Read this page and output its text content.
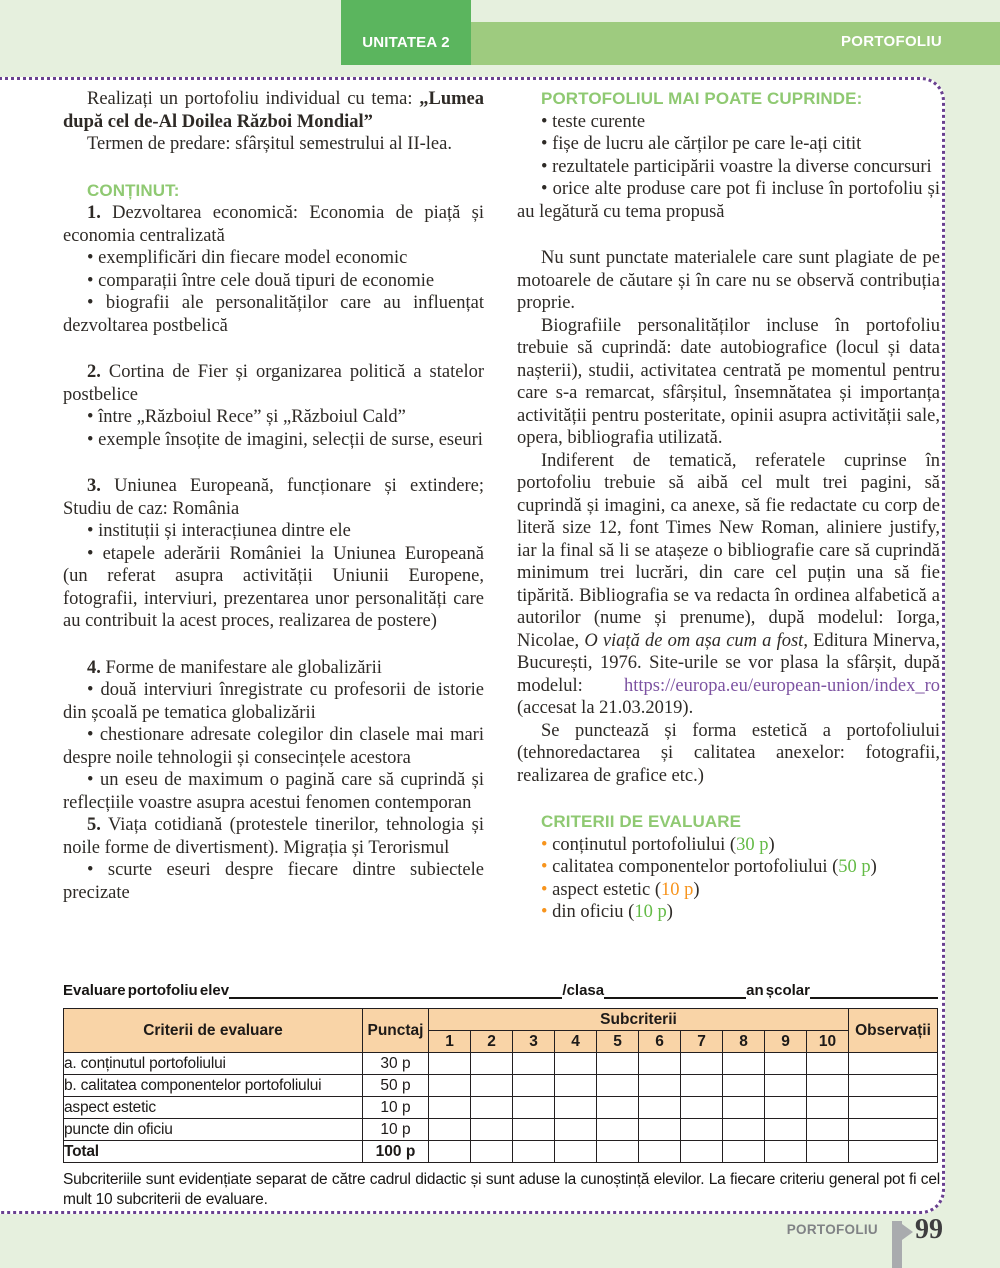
PORTOFOLIU
UNITATEA 2

Realizați un portofoliu individual cu tema: „Lumea după cel de-Al Doilea Război Mondial”

Termen de predare: sfârșitul semestrului al II-lea.

CONȚINUT:

1. Dezvoltarea economică: Economia de piață și economia centralizată

• exemplificări din fiecare model economic

• comparații între cele două tipuri de economie

• biografii ale personalităților care au influențat dezvoltarea postbelică

2. Cortina de Fier și organizarea politică a statelor postbelice

• între „Războiul Rece” și „Războiul Cald”

• exemple însoțite de imagini, selecții de surse, eseuri

3. Uniunea Europeană, funcționare și extindere; Studiu de caz: România

• instituții și interacțiunea dintre ele

• etapele aderării României la Uniunea Europeană (un referat asupra activității Uniunii Europene, fotografii, interviuri, prezentarea unor personalități care au contribuit la acest proces, realizarea de postere)

4. Forme de manifestare ale globalizării

• două interviuri înregistrate cu profesorii de istorie din școală pe tematica globalizării

• chestionare adresate colegilor din clasele mai mari despre noile tehnologii și consecințele acestora

• un eseu de maximum o pagină care să cuprindă și reflecțiile voastre asupra acestui fenomen contemporan

5. Viața cotidiană (protestele tinerilor, tehnologia și noile forme de divertisment). Migrația și Terorismul

• scurte eseuri despre fiecare dintre subiectele precizate

PORTOFOLIUL MAI POATE CUPRINDE:

• teste curente

• fișe de lucru ale cărților pe care le-ați citit

• rezultatele participării voastre la diverse concursuri

• orice alte produse care pot fi incluse în portofoliu și au legătură cu tema propusă

Nu sunt punctate materialele care sunt plagiate de pe motoarele de căutare și în care nu se observă contribuția proprie.

Biografiile personalităților incluse în portofoliu trebuie să cuprindă: date autobiografice (locul și data nașterii), studii, activitatea centrată pe momentul pentru care s-a remarcat, sfârșitul, însemnătatea și importanța activității pentru posteritate, opinii asupra activității sale, opera, bibliografia utilizată.

Indiferent de tematică, referatele cuprinse în portofoliu trebuie să aibă cel mult trei pagini, să cuprindă și imagini, ca anexe, să fie redactate cu corp de literă size 12, font Times New Roman, aliniere justify, iar la final să li se atașeze o bibliografie care să cuprindă minimum trei lucrări, din care cel puțin una să fie tipărită. Bibliografia se va redacta în ordinea alfabetică a autorilor (nume și prenume), după modelul: Iorga, Nicolae, O viață de om așa cum a fost, Editura Minerva, București, 1976. Site-urile se vor plasa la sfârșit, după modelul: https://europa.eu/european-union/index_ro (accesat la 21.03.2019).

Se punctează și forma estetică a portofoliului (tehnoredactarea și calitatea anexelor: fotografii, realizarea de grafice etc.)

CRITERII DE EVALUARE

• conținutul portofoliului (30 p)

• calitatea componentelor portofoliului (50 p)

• aspect estetic (10 p)

• din oficiu (10 p)

Evaluare portofoliu elev	/clasa	an școlar
Criterii de evaluare	Punctaj	Subcriterii										Observații
		1	2	3	4	5	6	7	8	9	10	
a. conținutul portofoliului	30 p											
b. calitatea componentelor portofoliului	50 p											
aspect estetic	10 p											
puncte din oficiu	10 p											
Total	100 p											

Subcriteriile sunt evidențiate separat de către cadrul didactic și sunt aduse la cunoștință elevilor. La fiecare criteriu general pot fi cel mult 10 subcriterii de evaluare.

PORTOFOLIU 99
